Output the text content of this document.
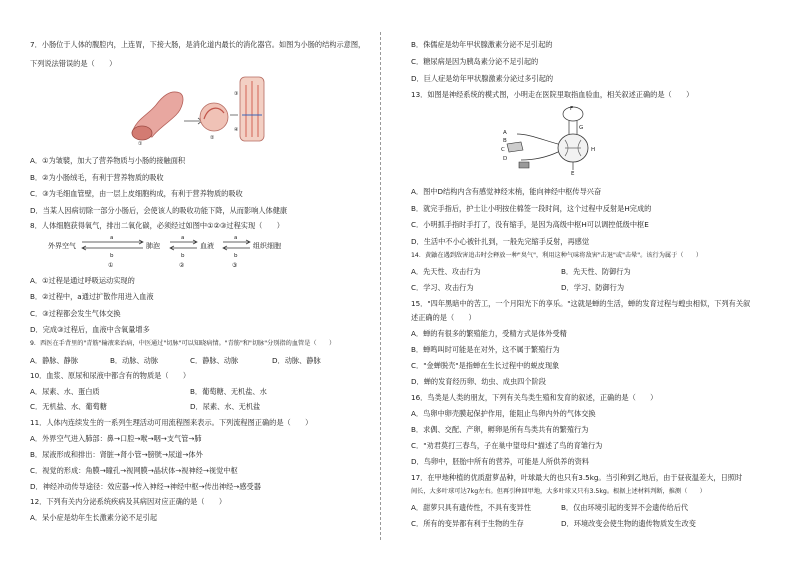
7．小肠位于人体的腹腔内，上连胃，下接大肠，是消化道内最长的消化器官。如图为小肠的结构示意图，
下列说法错误的是（　　）
①
②
③
④
A．①为皱襞，加大了营养物质与小肠的接触面积
B．②为小肠绒毛，有利于营养物质的吸收
C．③为毛细血管壁，由一层上皮细胞构成，有利于营养物质的吸收
D．当某人因病切除一部分小肠后，会使该人的吸收功能下降，从而影响人体健康
8．人体细胞获得氧气，排出二氧化碳，必须经过如图中①②③过程实现（　　）
外界空气	肺泡	血液	组织细胞
a
b
a
b
a
b
①	②	③
A．①过程是通过呼吸运动实现的
B．②过程中，a通过扩散作用进入血液
C．③过程都会发生气体交换
D．完成③过程后，血液中含氧量增多
9．西医在手背里的"青筋"输液来治病，中医通过"切脉"可以知晓病情。"青筋"和"切脉"分别指的血管是（　　）
A．静脉、静脉	B．动脉、动脉	C．静脉、动脉	D．动脉、静脉
10．血浆、原尿和尿液中都含有的物质是（　　）
A．尿素、水、蛋白质	B．葡萄糖、无机盐、水
C．无机盐、水、葡萄糖	D．尿素、水、无机盐
11．人体内连续发生的一系列生理活动可用流程图来表示。下列流程图正确的是（　　）
A．外界空气进入肺部：鼻→口腔→喉→咽→支气管→肺
B．尿液形成和排出：肾脏→肾小管→膀胱→尿道→体外
C．视觉的形成：角膜→瞳孔→视网膜→晶状体→视神经→视觉中枢
D．神经冲动传导途径：效应器→传入神经→神经中枢→传出神经→感受器
12．下列有关内分泌系统疾病及其病因对应正确的是（　　）
A．呆小症是幼年生长激素分泌不足引起
B．侏儒症是幼年甲状腺激素分泌不足引起的
C．糖尿病是因为胰岛素分泌不足引起的
D．巨人症是幼年甲状腺激素分泌过多引起的
13．如图是神经系统的模式图，小明走在医院里取指血验血，相关叙述正确的是（　　）
A
B
C
D
E
F
G
H
A．图中D结构内含有感觉神经末梢，能向神经中枢传导兴奋
B．就完手指后，护士让小明按住棉签一段时间，这个过程中反射是H完成的
C．小明抓手指时手打了，没有缩手，是因为高级中枢H可以调控低级中枢E
D．生活中不小心被针扎到，一般先完缩手反射，再感觉
14．黄鼬在遇到敌害追击时会释放一种"臭气"，利用这种气味将敌害"击退"或"击晕"。该行为属于（　　）
A．先天性、攻击行为	B．先天性、防御行为
C．学习、攻击行为	D．学习、防御行为
15．"四年黑暗中的苦工，一个月阳光下的享乐。"这就是蝉的生活，蝉的发育过程与蝗虫相似，下列有关叙
述正确的是（　　）
A．蝉的有很多的繁殖能力，受精方式是体外受精
B．蝉鸣叫时可能是在对外，这不属于繁殖行为
C．"金蝉脱壳"是指蝉在生长过程中的蜕皮现象
D．蝉的发育经历卵、幼虫、成虫四个阶段
16．鸟类是人类的朋友，下列有关鸟类生殖和发育的叙述，正确的是（　　）
A．鸟卵中卵壳膜起保护作用，能阻止鸟卵内外的气体交换
B．求偶、交配、产卵，孵卵是所有鸟类共有的繁殖行为
C．"劝君莫打三春鸟，子在巢中望母归"描述了鸟的育雏行为
D．鸟卵中，胚胎中所有的营养，可能是人所供养的资料
17．在甲地种植的优质甜萝品种，叶球最大的也只有3.5kg。当引种到乙地后，由于昼夜温差大，日照时
间长，大多叶球可达7kg左右。但再引种回甲地，大多叶球又只有3.5kg。根据上述材料判断，推测（　　）
A．甜萝只具有遗传性，不具有变异性	B．仅由环境引起的变异不会遗传给后代
C．所有的变异都有利于生物的生存	D．环境改变会使生物的遗传物质发生改变
